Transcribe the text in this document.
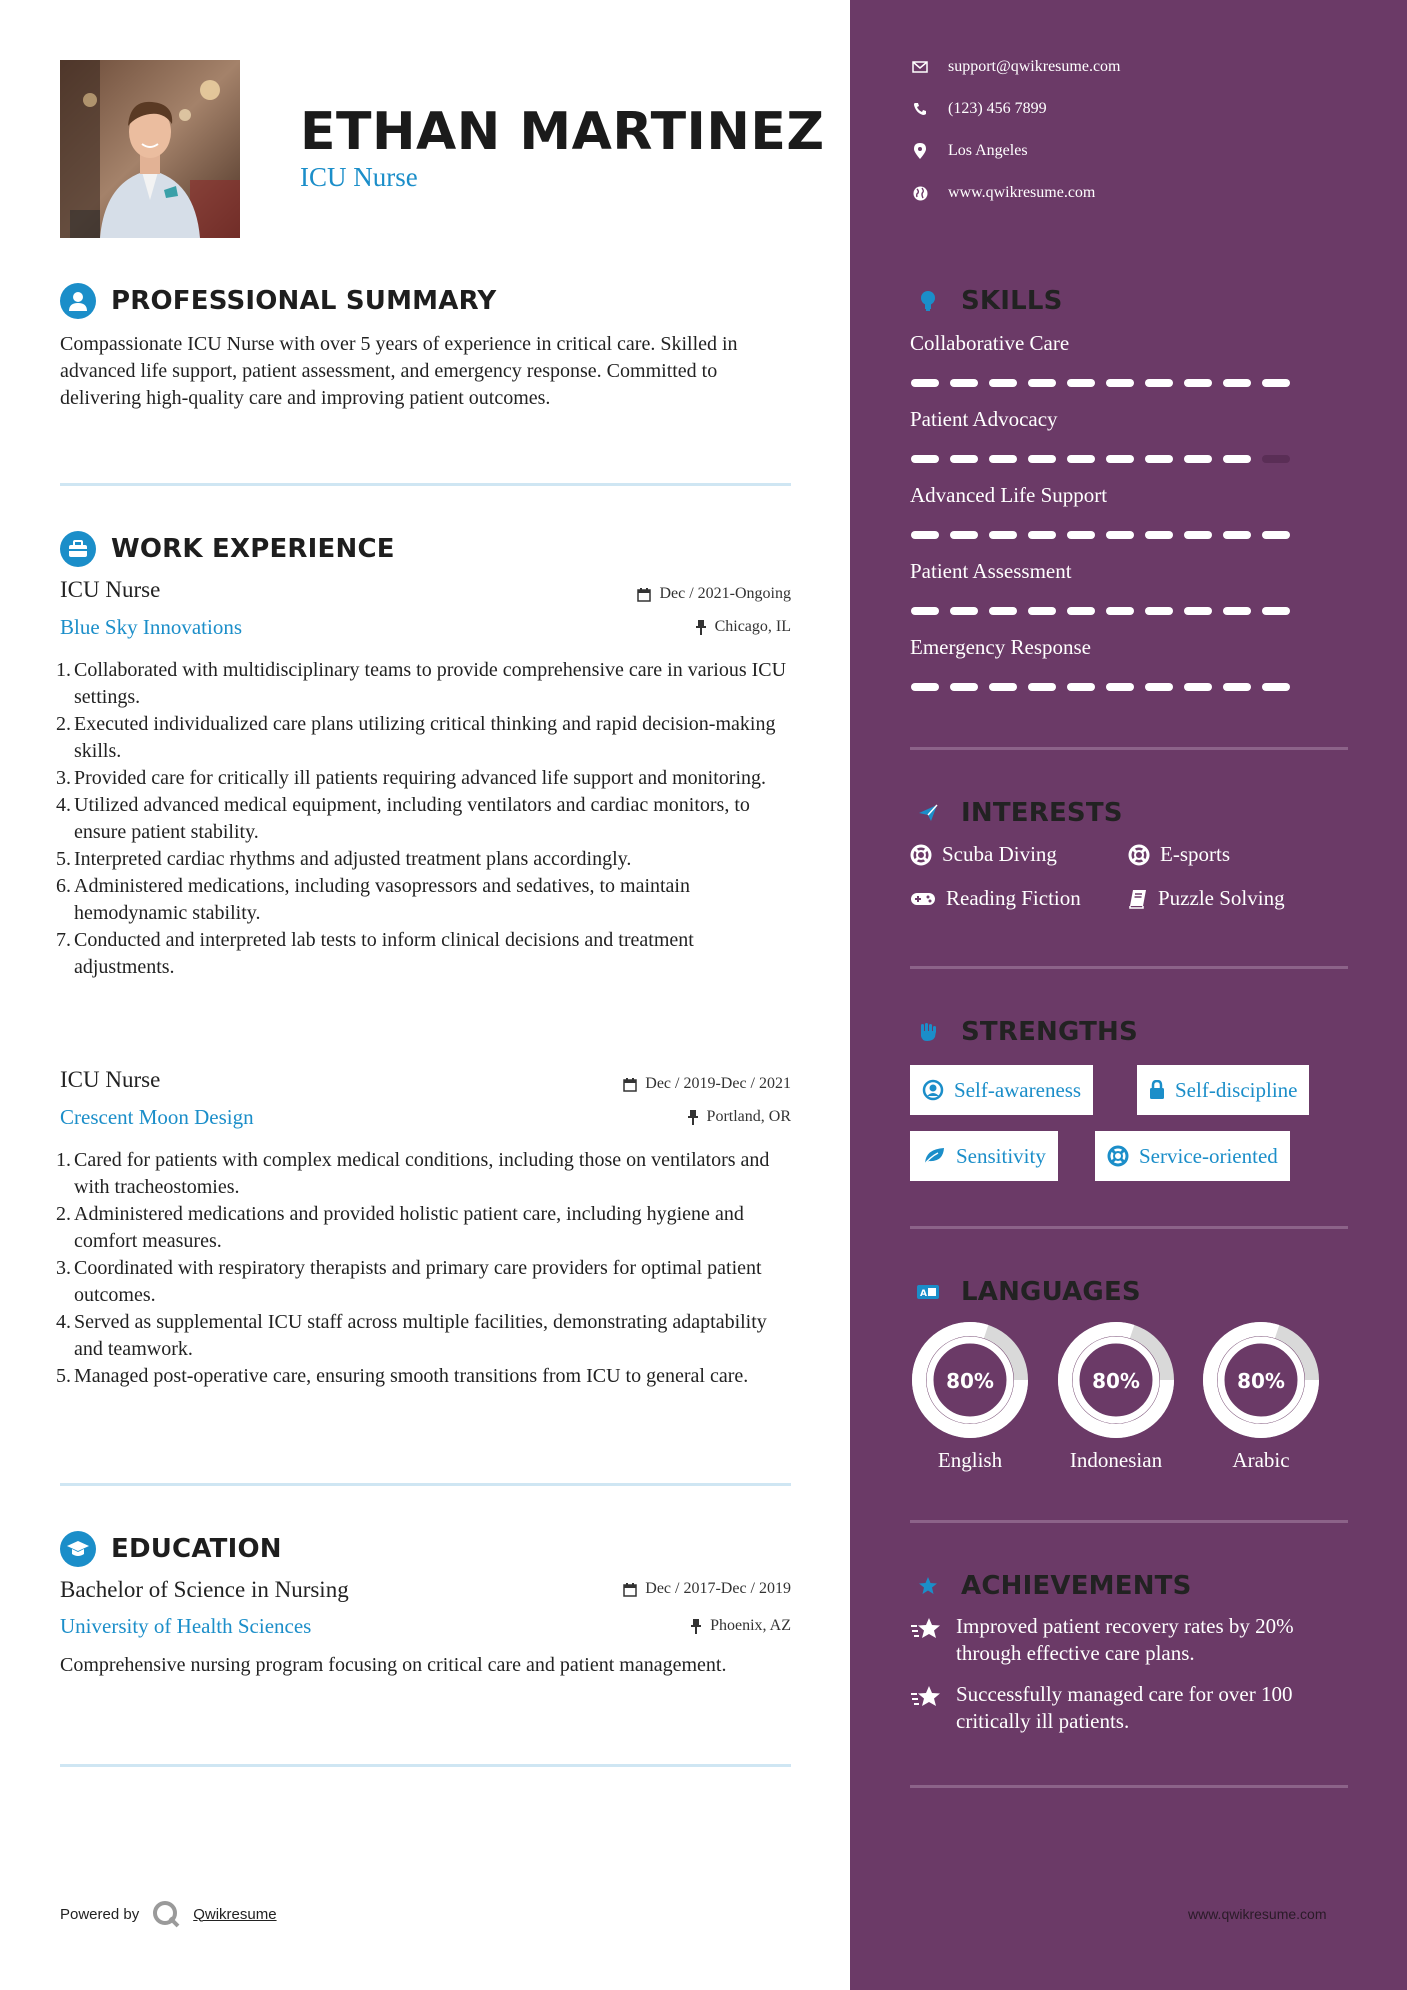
ETHAN MARTINEZ
ICU Nurse
PROFESSIONAL SUMMARY
Compassionate ICU Nurse with over 5 years of experience in critical care. Skilled in advanced life support, patient assessment, and emergency response. Committed to delivering high-quality care and improving patient outcomes.
WORK EXPERIENCE
ICU Nurse	Dec / 2021-Ongoing
Blue Sky Innovations	Chicago, IL
1. Collaborated with multidisciplinary teams to provide comprehensive care in various ICU settings.
2. Executed individualized care plans utilizing critical thinking and rapid decision-making skills.
3. Provided care for critically ill patients requiring advanced life support and monitoring.
4. Utilized advanced medical equipment, including ventilators and cardiac monitors, to ensure patient stability.
5. Interpreted cardiac rhythms and adjusted treatment plans accordingly.
6. Administered medications, including vasopressors and sedatives, to maintain hemodynamic stability.
7. Conducted and interpreted lab tests to inform clinical decisions and treatment adjustments.
ICU Nurse	Dec / 2019-Dec / 2021
Crescent Moon Design	Portland, OR
1. Cared for patients with complex medical conditions, including those on ventilators and with tracheostomies.
2. Administered medications and provided holistic patient care, including hygiene and comfort measures.
3. Coordinated with respiratory therapists and primary care providers for optimal patient outcomes.
4. Served as supplemental ICU staff across multiple facilities, demonstrating adaptability and teamwork.
5. Managed post-operative care, ensuring smooth transitions from ICU to general care.
EDUCATION
Bachelor of Science in Nursing	Dec / 2017-Dec / 2019
University of Health Sciences	Phoenix, AZ
Comprehensive nursing program focusing on critical care and patient management.
Powered by	Qwikresume
support@qwikresume.com
(123) 456 7899
Los Angeles
www.qwikresume.com
SKILLS
Collaborative Care
Patient Advocacy
Advanced Life Support
Patient Assessment
Emergency Response
INTERESTS
Scuba Diving	E-sports
Reading Fiction	Puzzle Solving
STRENGTHS
Self-awareness	Self-discipline
Sensitivity	Service-oriented
A LANGUAGES
80%
English
80%
Indonesian
80%
Arabic
ACHIEVEMENTS
Improved patient recovery rates by 20% through effective care plans.
Successfully managed care for over 100 critically ill patients.
www.qwikresume.com
